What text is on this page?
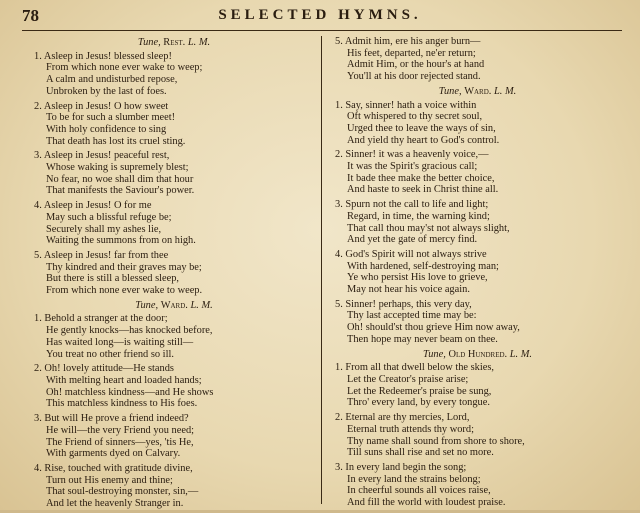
78	SELECTED HYMNS.
Tune, Rest. L. M.
1. Asleep in Jesus! blessed sleep!
From which none ever wake to weep;
A calm and undisturbed repose,
Unbroken by the last of foes.
2. Asleep in Jesus! O how sweet
To be for such a slumber meet!
With holy confidence to sing
That death has lost its cruel sting.
3. Asleep in Jesus! peaceful rest,
Whose waking is supremely blest;
No fear, no woe shall dim that hour
That manifests the Saviour's power.
4. Asleep in Jesus! O for me
May such a blissful refuge be;
Securely shall my ashes lie,
Waiting the summons from on high.
5. Asleep in Jesus! far from thee
Thy kindred and their graves may be;
But there is still a blessed sleep,
From which none ever wake to weep.
Tune, Ward. L. M.
1. Behold a stranger at the door;
He gently knocks—has knocked before,
Has waited long—is waiting still—
You treat no other friend so ill.
2. Oh! lovely attitude—He stands
With melting heart and loaded hands;
Oh! matchless kindness—and He shows
This matchless kindness to His foes.
3. But will He prove a friend indeed?
He will—the very Friend you need;
The Friend of sinners—yes, 'tis He,
With garments dyed on Calvary.
4. Rise, touched with gratitude divine,
Turn out His enemy and thine;
That soul-destroying monster, sin,—
And let the heavenly Stranger in.
5. Admit him, ere his anger burn—
His feet, departed, ne'er return;
Admit Him, or the hour's at hand
You'll at his door rejected stand.
Tune, Ward. L. M.
1. Say, sinner! hath a voice within
Oft whispered to thy secret soul,
Urged thee to leave the ways of sin,
And yield thy heart to God's control.
2. Sinner! it was a heavenly voice,—
It was the Spirit's gracious call;
It bade thee make the better choice,
And haste to seek in Christ thine all.
3. Spurn not the call to life and light;
Regard, in time, the warning kind;
That call thou may'st not always slight,
And yet the gate of mercy find.
4. God's Spirit will not always strive
With hardened, self-destroying man;
Ye who persist His love to grieve,
May not hear his voice again.
5. Sinner! perhaps, this very day,
Thy last accepted time may be:
Oh! should'st thou grieve Him now away,
Then hope may never beam on thee.
Tune, Old Hundred. L. M.
1. From all that dwell below the skies,
Let the Creator's praise arise;
Let the Redeemer's praise be sung,
Thro' every land, by every tongue.
2. Eternal are thy mercies, Lord,
Eternal truth attends thy word;
Thy name shall sound from shore to shore,
Till suns shall rise and set no more.
3. In every land begin the song;
In every land the strains belong;
In cheerful sounds all voices raise,
And fill the world with loudest praise.
